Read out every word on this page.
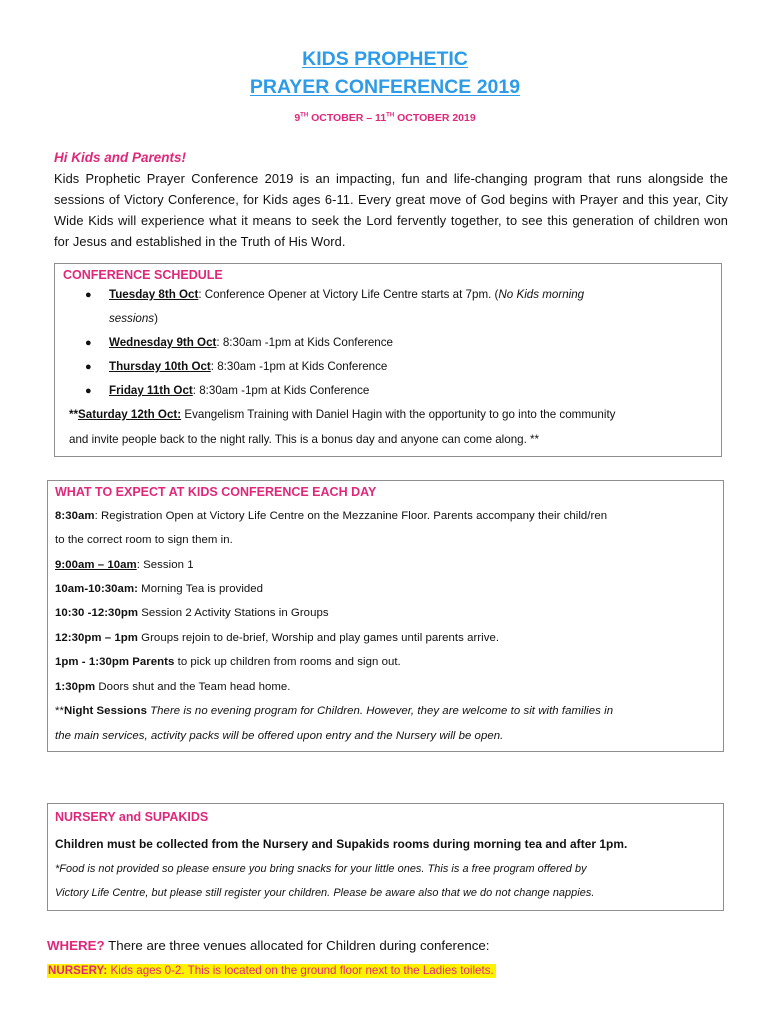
KIDS PROPHETIC
PRAYER CONFERENCE 2019
9TH OCTOBER – 11TH OCTOBER 2019
Hi Kids and Parents!
Kids Prophetic Prayer Conference 2019 is an impacting, fun and life-changing program that runs alongside the sessions of Victory Conference, for Kids ages 6-11. Every great move of God begins with Prayer and this year, City Wide Kids will experience what it means to seek the Lord fervently together, to see this generation of children won for Jesus and established in the Truth of His Word.
CONFERENCE SCHEDULE
● Tuesday 8th Oct: Conference Opener at Victory Life Centre starts at 7pm. (No Kids morning
sessions)
● Wednesday 9th Oct: 8:30am -1pm at Kids Conference
● Thursday 10th Oct: 8:30am -1pm at Kids Conference
● Friday 11th Oct: 8:30am -1pm at Kids Conference
**Saturday 12th Oct: Evangelism Training with Daniel Hagin with the opportunity to go into the community
and invite people back to the night rally. This is a bonus day and anyone can come along. **
WHAT TO EXPECT AT KIDS CONFERENCE EACH DAY
8:30am: Registration Open at Victory Life Centre on the Mezzanine Floor. Parents accompany their child/ren
to the correct room to sign them in.
9:00am – 10am: Session 1
10am-10:30am: Morning Tea is provided
10:30 -12:30pm Session 2 Activity Stations in Groups
12:30pm – 1pm Groups rejoin to de-brief, Worship and play games until parents arrive.
1pm - 1:30pm Parents to pick up children from rooms and sign out.
1:30pm Doors shut and the Team head home.
**Night Sessions There is no evening program for Children. However, they are welcome to sit with families in
the main services, activity packs will be offered upon entry and the Nursery will be open.
NURSERY and SUPAKIDS
Children must be collected from the Nursery and Supakids rooms during morning tea and after 1pm.
*Food is not provided so please ensure you bring snacks for your little ones. This is a free program offered by
Victory Life Centre, but please still register your children. Please be aware also that we do not change nappies.
WHERE? There are three venues allocated for Children during conference:
NURSERY: Kids ages 0-2. This is located on the ground floor next to the Ladies toilets.
